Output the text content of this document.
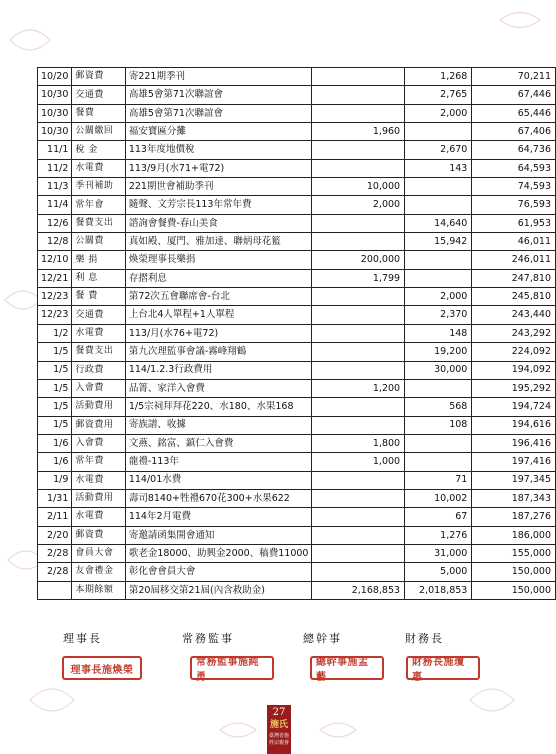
10/20	郵資費	寄221期季刊		1,268	70,211
10/30	交通費	高雄5會第71次聯誼會		2,765	67,446
10/30	餐費	高雄5會第71次聯誼會		2,000	65,446
10/30	公關繳回	福安寶匾分攤	1,960		67,406
11/1	稅 金	113年度地價稅		2,670	64,736
11/2	水電費	113/9月(水71+電72)		143	64,593
11/3	季刊補助	221期世會補助季刊	10,000		74,593
11/4	常年會	隨聲、文芳宗長113年常年費	2,000		76,593
12/6	餐費支出	諮詢會餐費-春山美食		14,640	61,953
12/8	公關費	真如殿、厦門、雅加達、聯炳母花籃		15,942	46,011
12/10	樂 捐	煥榮理事長樂捐	200,000		246,011
12/21	利 息	存摺利息	1,799		247,810
12/23	餐 費	第72次五會聯席會-台北		2,000	245,810
12/23	交通費	上台北4人單程+1人單程		2,370	243,440
1/2	水電費	113/月(水76+電72)		148	243,292
1/5	餐費支出	第九次理監事會議-霧峰翔鶴		19,200	224,092
1/5	行政費	114/1.2.3行政費用		30,000	194,092
1/5	入會費	品箐、家洋入會費	1,200		195,292
1/5	活動費用	1/5宗祠拜拜花220、水180、水果168		568	194,724
1/5	郵資費用	寄族譜、收據		108	194,616
1/6	入會費	文燕、銘富、鎮仁入會費	1,800		196,416
1/6	常年費	龍禮-113年	1,000		197,416
1/9	水電費	114/01水費		71	197,345
1/31	活動費用	壽司8140+牲禮670花300+水果622		10,002	187,343
2/11	水電費	114年2月電費		67	187,276
2/20	郵資費	寄邀請函集開會通知		1,276	186,000
2/28	會員大會	歌老金18000、助興金2000、稿費11000		31,000	155,000
2/28	友會禮金	彰化會會員大會		5,000	150,000
	本期餘額	第20屆移交第21屆(內含救助金)	2,168,853	2,018,853	150,000
理事長	常務監事	總幹事	財務長
理事長施煥榮
常務監事施純勇
總幹事施孟藝
財務長施瓊惠
27
施氏
臺灣省施姓宗親會
